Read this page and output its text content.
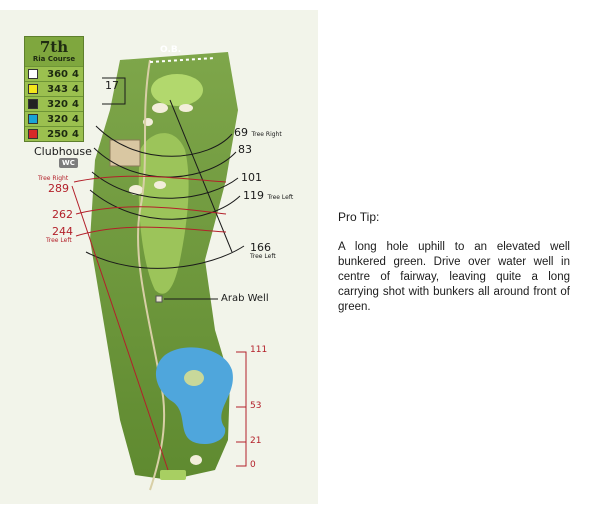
7th
Ria Course
360 4
343 4
320 4
320 4
250 4
O.B.
17
Clubhouse
WC
69 Tree Right
83
101
119 Tree Left
166
Tree Left
Tree Right
289
262
244
Tree Left
Arab Well
111
53
21
0
Pro Tip:
A long hole uphill to an elevated well bunkered green. Drive over water well in centre of fairway, leaving quite a long carrying shot with bunkers all around front of green.
